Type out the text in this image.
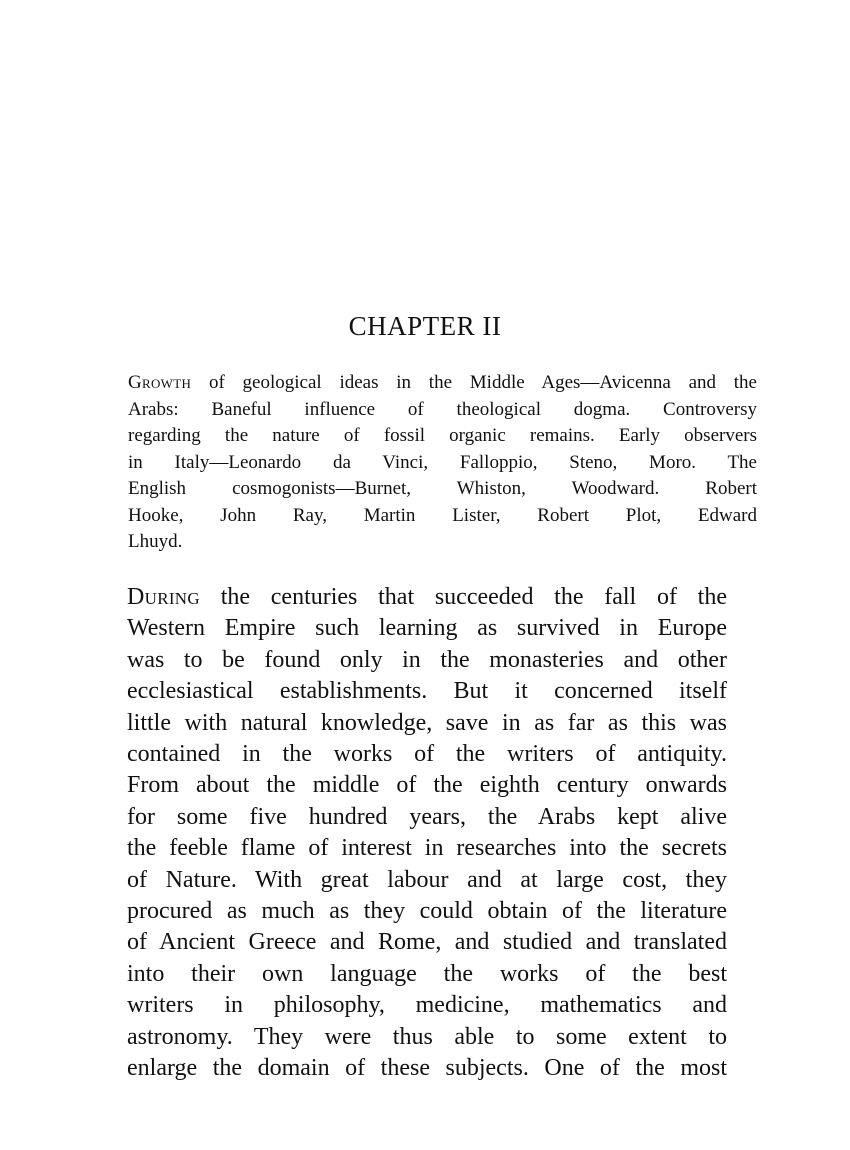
CHAPTER II
Growth of geological ideas in the Middle Ages—Avicenna and the
Arabs: Baneful influence of theological dogma. Controversy
regarding the nature of fossil organic remains. Early observers
in Italy—Leonardo da Vinci, Falloppio, Steno, Moro. The
English cosmogonists—Burnet, Whiston, Woodward. Robert
Hooke, John Ray, Martin Lister, Robert Plot, Edward
Lhuyd.
During the centuries that succeeded the fall of the
Western Empire such learning as survived in Europe
was to be found only in the monasteries and other
ecclesiastical establishments. But it concerned itself
little with natural knowledge, save in as far as this was
contained in the works of the writers of antiquity.
From about the middle of the eighth century onwards
for some five hundred years, the Arabs kept alive
the feeble flame of interest in researches into the secrets
of Nature. With great labour and at large cost, they
procured as much as they could obtain of the literature
of Ancient Greece and Rome, and studied and translated
into their own language the works of the best
writers in philosophy, medicine, mathematics and
astronomy. They were thus able to some extent to
enlarge the domain of these subjects. One of the most
